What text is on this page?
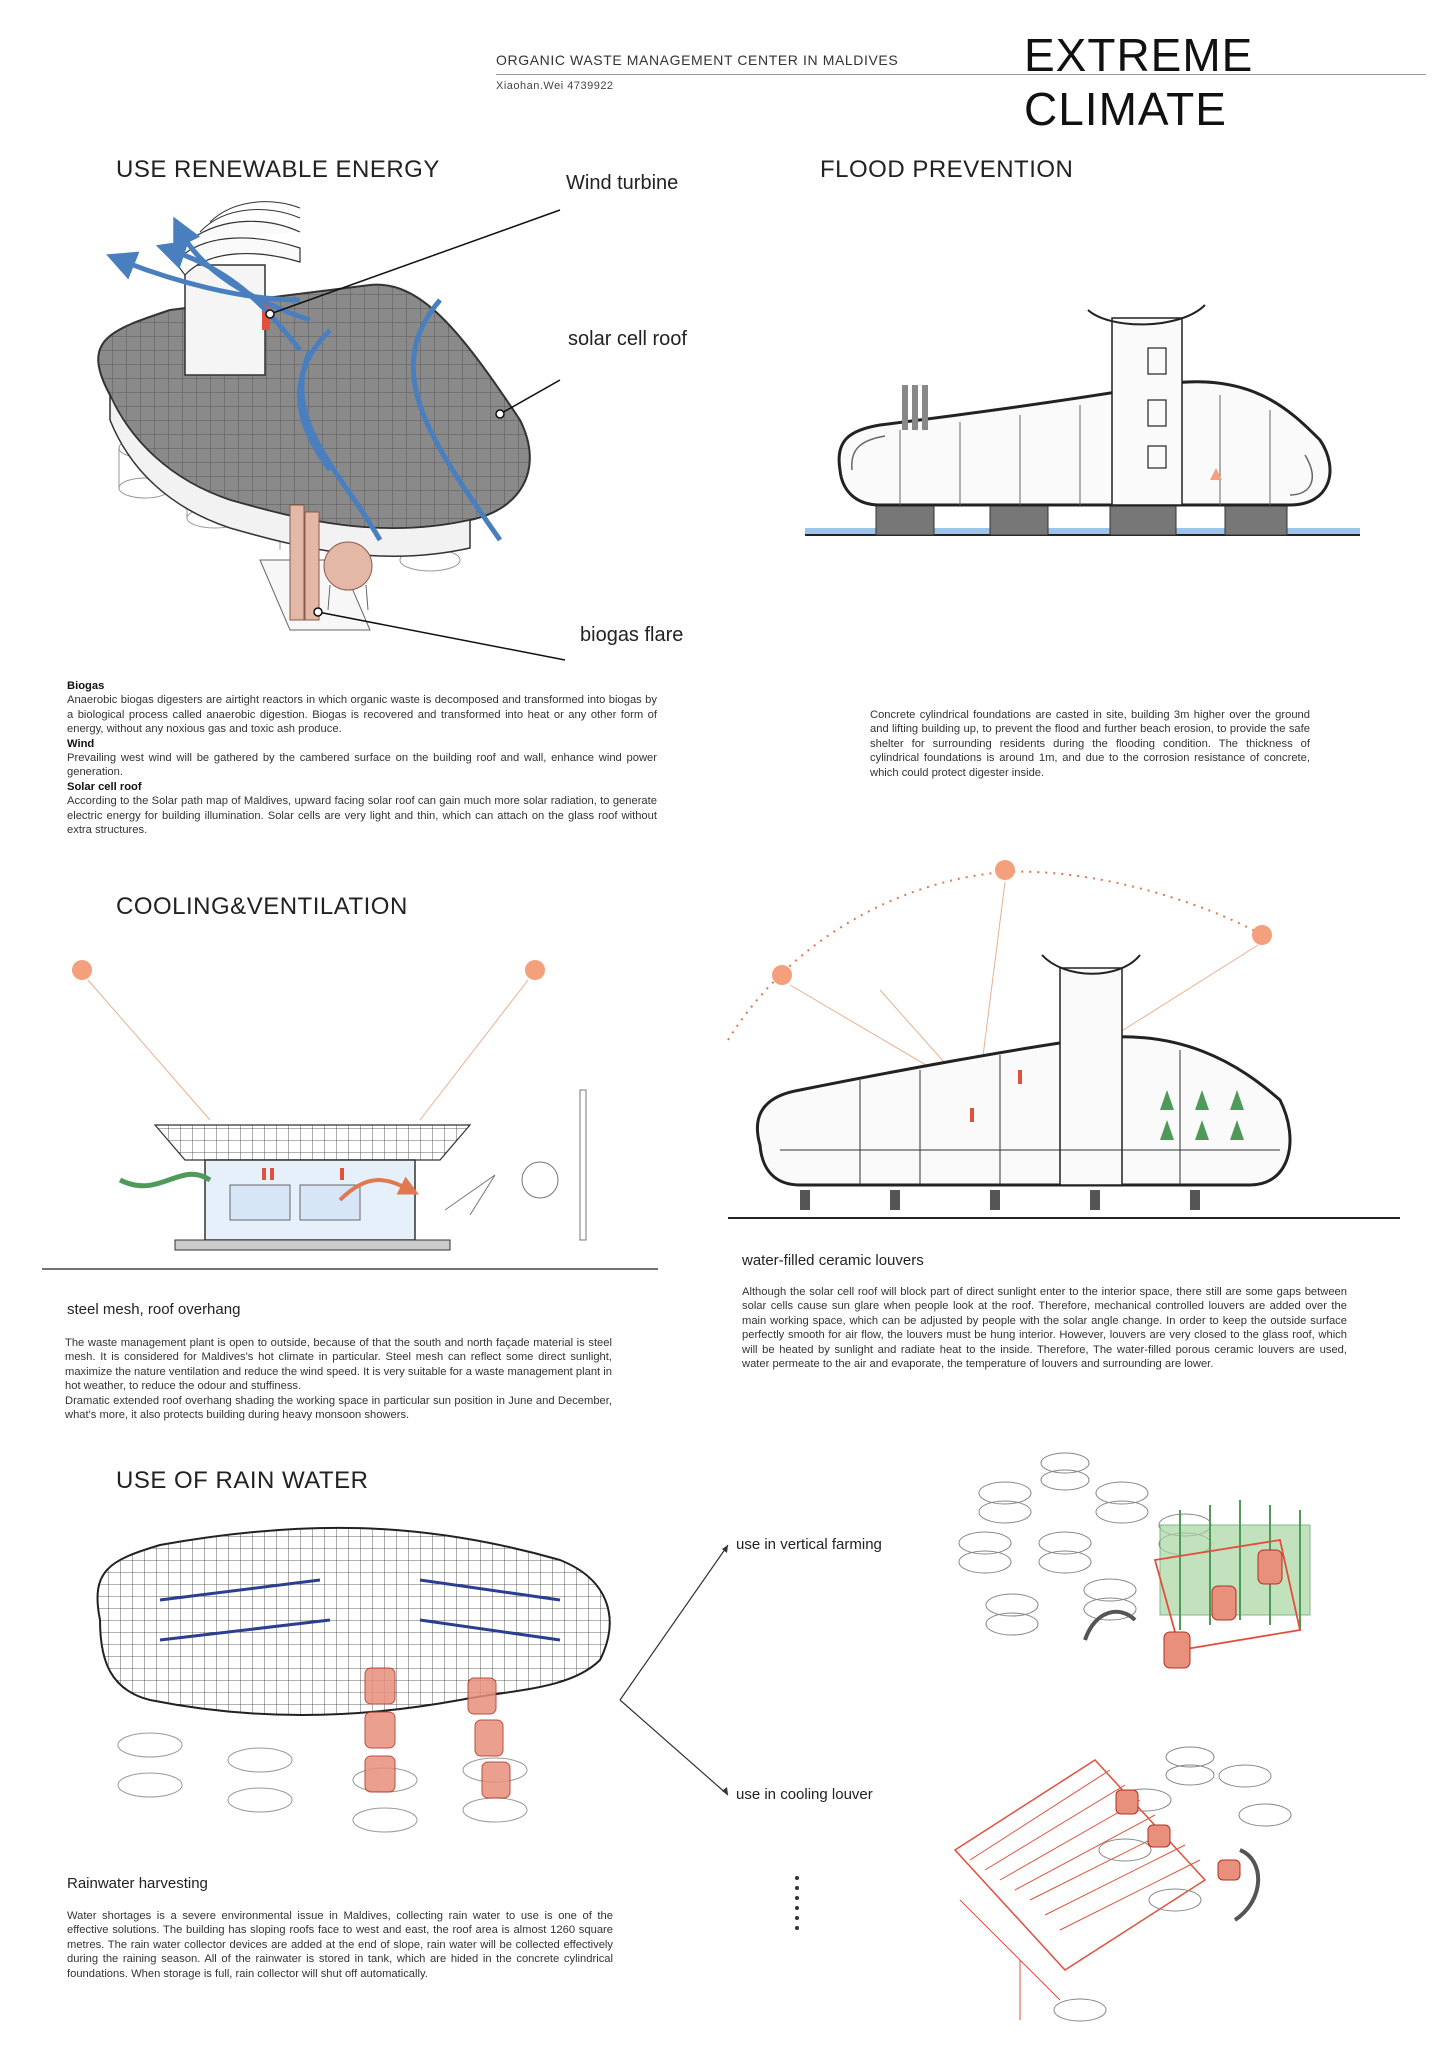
ORGANIC WASTE MANAGEMENT CENTER IN MALDIVES
Xiaohan.Wei 4739922
EXTREME CLIMATE
USE RENEWABLE ENERGY	FLOOD PREVENTION
COOLING&VENTILATION
USE OF RAIN WATER
Wind turbine
solar cell roof
biogas flare
Biogas
Anaerobic biogas digesters are airtight reactors in which organic waste is decomposed and transformed into biogas by a biological process called anaerobic digestion. Biogas is recovered and transformed into heat or any other form of energy, without any noxious gas and toxic ash produce.
Wind
Prevailing west wind will be gathered by the cambered surface on the building roof and wall, enhance wind power generation.
Solar cell roof
According to the Solar path map of Maldives, upward facing solar roof can gain much more solar radiation, to generate electric energy for building illumination. Solar cells are very light and thin, which can attach on the glass roof without extra structures.
Concrete cylindrical foundations are casted in site, building 3m higher over the ground and lifting building up, to prevent the flood and further beach erosion, to provide the safe shelter for surrounding residents during the flooding condition. The thickness of cylindrical foundations is around 1m, and due to the corrosion resistance of concrete, which could protect digester inside.
steel mesh, roof overhang
The waste management plant is open to outside, because of that the south and north façade material is steel mesh. It is considered for Maldives's hot climate in particular. Steel mesh can reflect some direct sunlight, maximize the nature ventilation and reduce the wind speed. It is very suitable for a waste management plant in hot weather, to reduce the odour and stuffiness.
Dramatic extended roof overhang shading the working space in particular sun position in June and December, what's more, it also protects building during heavy monsoon showers.
water-filled ceramic louvers
Although the solar cell roof will block part of direct sunlight enter to the interior space, there still are some gaps between solar cells cause sun glare when people look at the roof. Therefore, mechanical controlled louvers are added over the main working space, which can be adjusted by people with the solar angle change. In order to keep the outside surface perfectly smooth for air flow, the louvers must be hung interior. However, louvers are very closed to the glass roof, which will be heated by sunlight and radiate heat to the inside. Therefore, The water-filled porous ceramic louvers are used, water permeate to the air and evaporate, the temperature of louvers and surrounding are lower.
use in vertical farming
use in cooling louver
Rainwater harvesting
Water shortages is a severe environmental issue in Maldives, collecting rain water to use is one of the effective solutions. The building has sloping roofs face to west and east, the roof area is almost 1260 square metres. The rain water collector devices are added at the end of slope, rain water will be collected effectively during the raining season. All of the rainwater is stored in tank, which are hided in the concrete cylindrical foundations. When storage is full, rain collector will shut off automatically.
